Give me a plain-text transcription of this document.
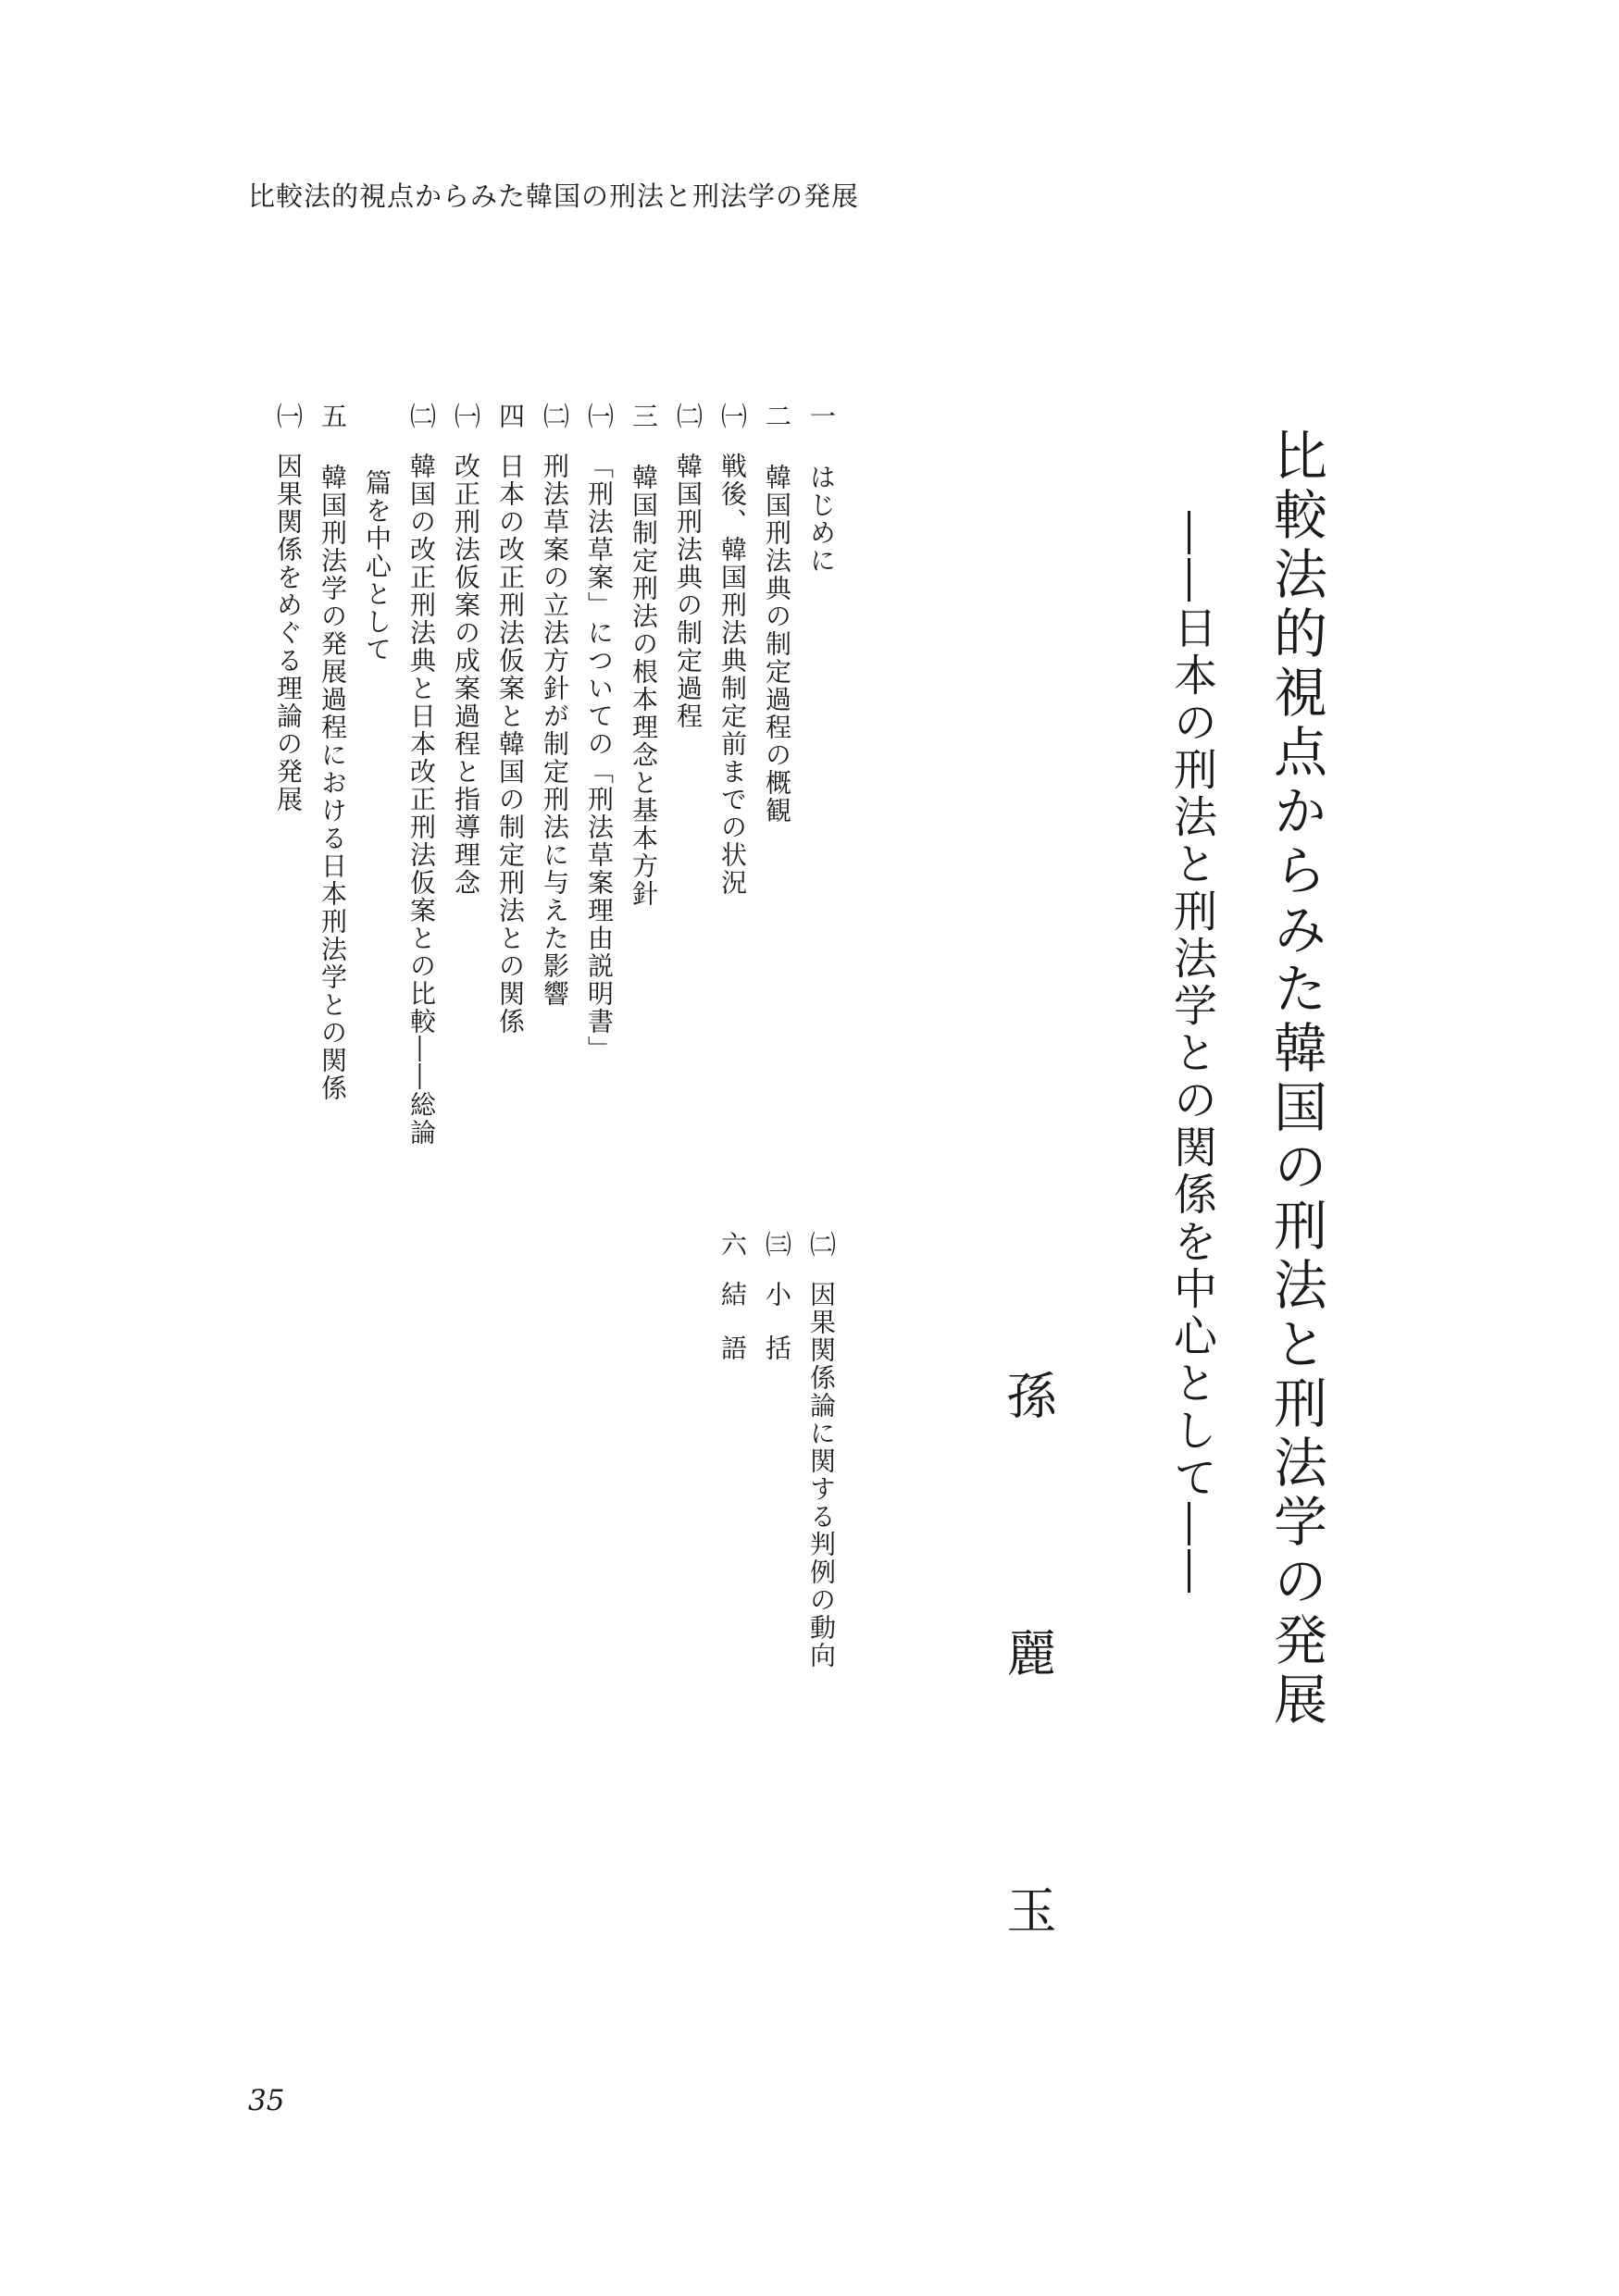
比較法的視点からみた韓国の刑法と刑法学の発展
比較法的視点からみた韓国の刑法と刑法学の発展
――日本の刑法と刑法学との関係を中心として――
孫
麗
玉
一はじめに
二韓国刑法典の制定過程の概観
㈠戦後、韓国刑法典制定前までの状況
㈡韓国刑法典の制定過程
三韓国制定刑法の根本理念と基本方針
㈠「刑法草案」についての「刑法草案理由説明書」
㈡刑法草案の立法方針が制定刑法に与えた影響
四日本の改正刑法仮案と韓国の制定刑法との関係
㈠改正刑法仮案の成案過程と指導理念
㈡韓国の改正刑法典と日本改正刑法仮案との比較――総論
篇を中心として
五韓国刑法学の発展過程における日本刑法学との関係
㈠因果関係をめぐる理論の発展
㈡因果関係論に関する判例の動向
㈢小括
六結語
35
